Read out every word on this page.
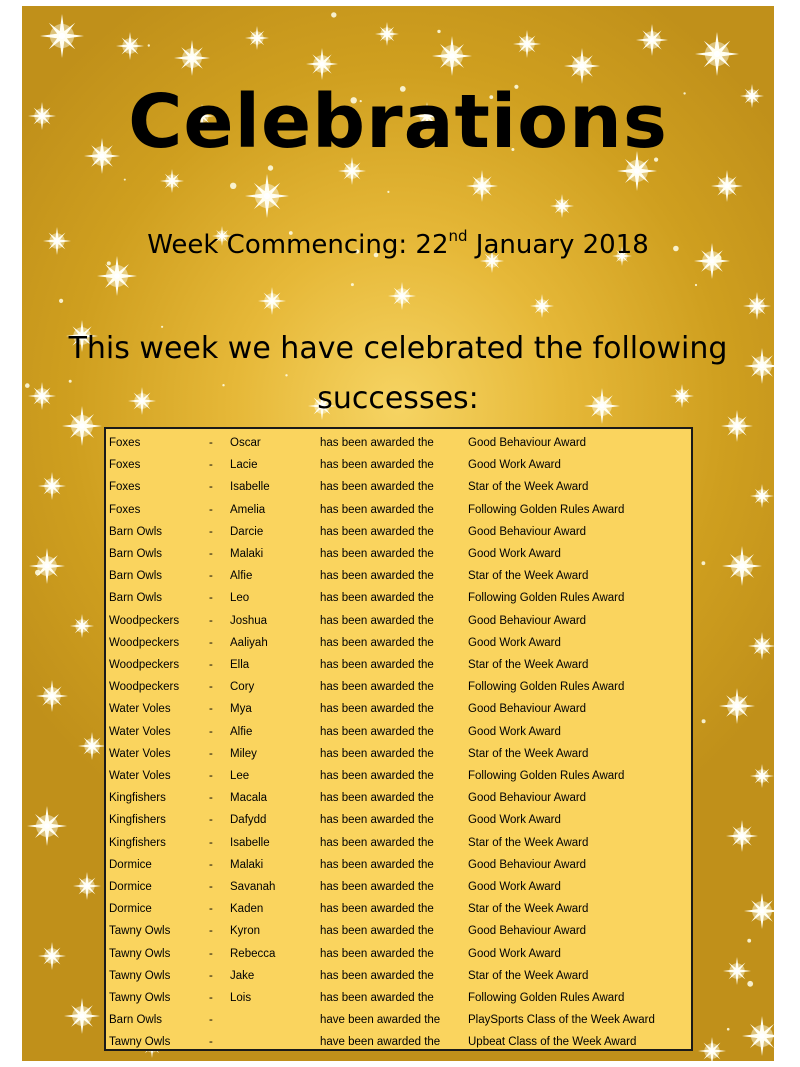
Celebrations
Week Commencing: 22nd January 2018
This week we have celebrated the following successes:
Foxes	- Oscar	has been awarded the	Good Behaviour Award
Foxes	- Lacie	has been awarded the	Good Work Award
Foxes	- Isabelle	has been awarded the	Star of the Week Award
Foxes	- Amelia	has been awarded the	Following Golden Rules Award
Barn Owls	- Darcie	has been awarded the	Good Behaviour Award
Barn Owls	- Malaki	has been awarded the	Good Work Award
Barn Owls	- Alfie	has been awarded the	Star of the Week Award
Barn Owls	- Leo	has been awarded the	Following Golden Rules Award
Woodpeckers	- Joshua	has been awarded the	Good Behaviour Award
Woodpeckers	- Aaliyah	has been awarded the	Good Work Award
Woodpeckers	- Ella	has been awarded the	Star of the Week Award
Woodpeckers	- Cory	has been awarded the	Following Golden Rules Award
Water Voles	- Mya	has been awarded the	Good Behaviour Award
Water Voles	- Alfie	has been awarded the	Good Work Award
Water Voles	- Miley	has been awarded the	Star of the Week Award
Water Voles	- Lee	has been awarded the	Following Golden Rules Award
Kingfishers	- Macala	has been awarded the	Good Behaviour Award
Kingfishers	- Dafydd	has been awarded the	Good Work Award
Kingfishers	- Isabelle	has been awarded the	Star of the Week Award
Dormice	- Malaki	has been awarded the	Good Behaviour Award
Dormice	- Savanah	has been awarded the	Good Work Award
Dormice	- Kaden	has been awarded the	Star of the Week Award
Tawny Owls	- Kyron	has been awarded the	Good Behaviour Award
Tawny Owls	- Rebecca	has been awarded the	Good Work Award
Tawny Owls	- Jake	has been awarded the	Star of the Week Award
Tawny Owls	- Lois	has been awarded the	Following Golden Rules Award
Barn Owls	-	have been awarded the PlaySports Class of the Week Award
Tawny Owls	-	have been awarded the Upbeat Class of the Week Award
